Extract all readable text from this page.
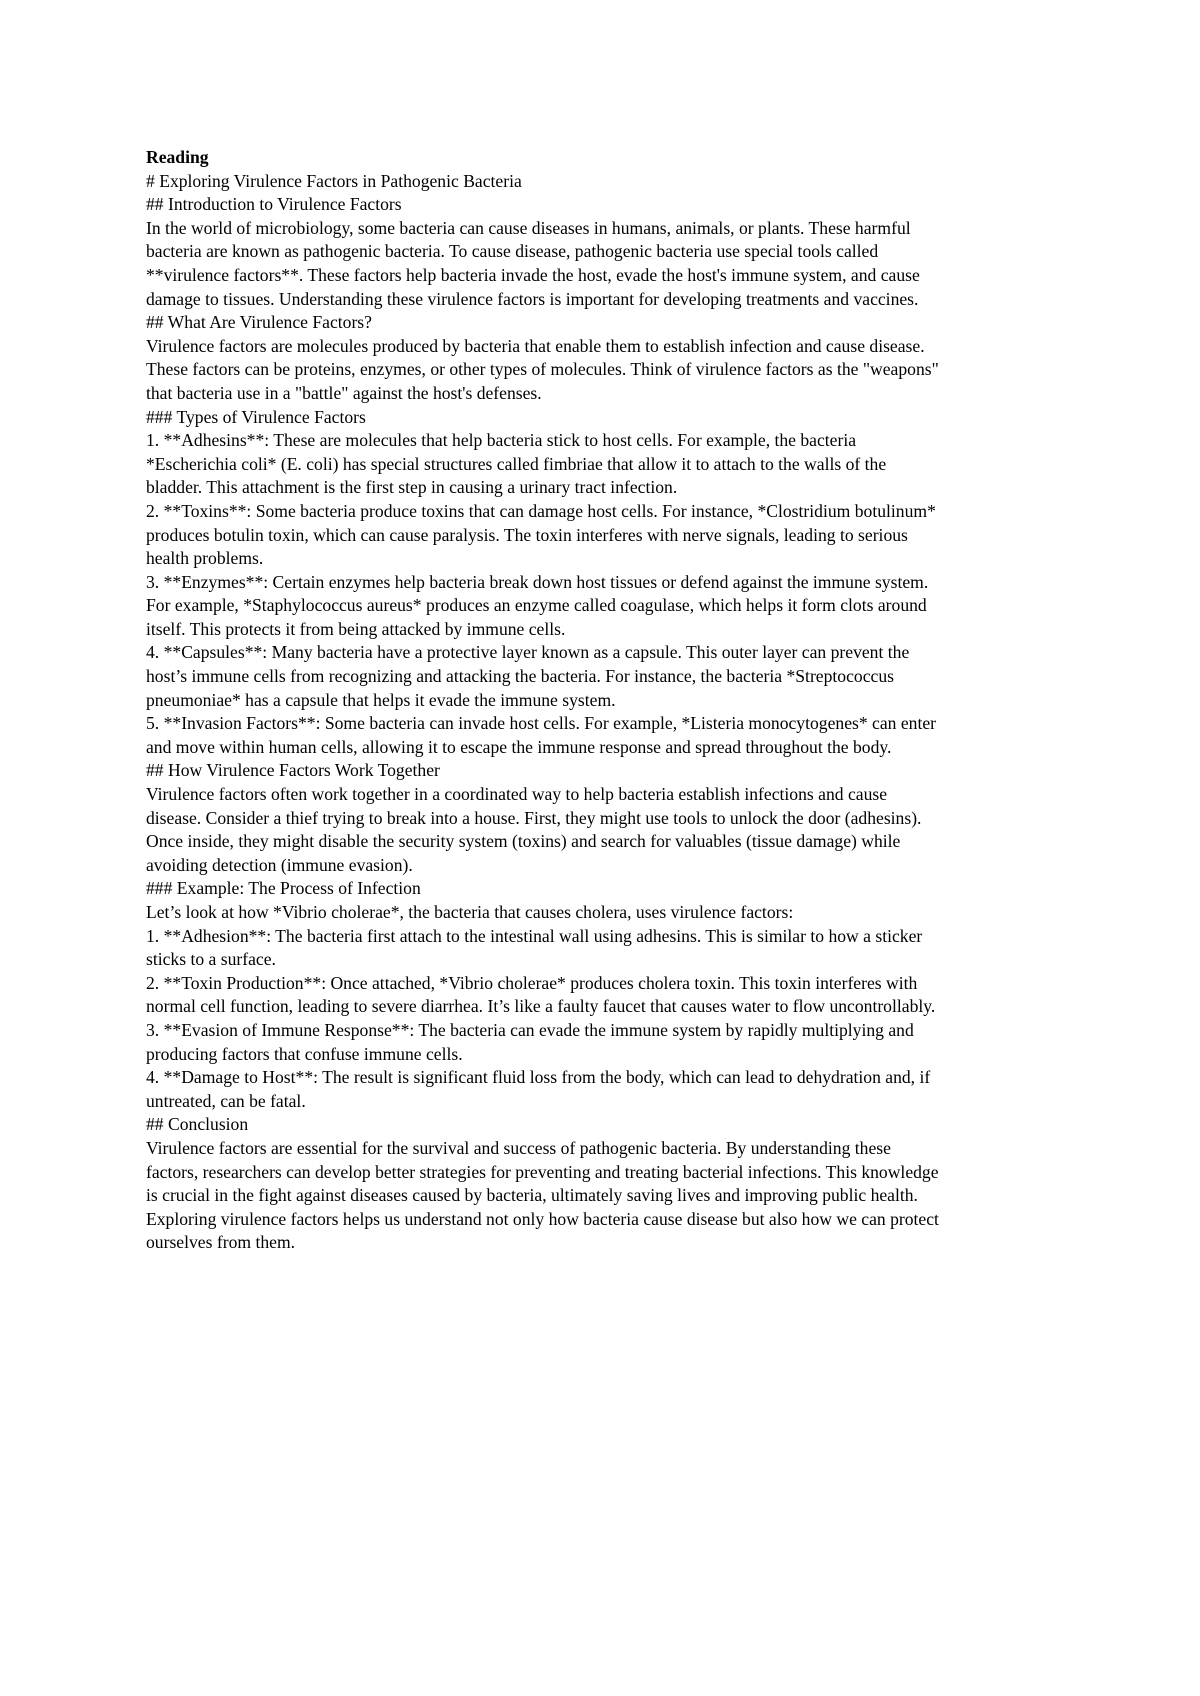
Reading
# Exploring Virulence Factors in Pathogenic Bacteria
## Introduction to Virulence Factors
In the world of microbiology, some bacteria can cause diseases in humans, animals, or plants. These harmful
bacteria are known as pathogenic bacteria. To cause disease, pathogenic bacteria use special tools called
**virulence factors**. These factors help bacteria invade the host, evade the host's immune system, and cause
damage to tissues. Understanding these virulence factors is important for developing treatments and vaccines.
## What Are Virulence Factors?
Virulence factors are molecules produced by bacteria that enable them to establish infection and cause disease.
These factors can be proteins, enzymes, or other types of molecules. Think of virulence factors as the "weapons"
that bacteria use in a "battle" against the host's defenses.
### Types of Virulence Factors
1. **Adhesins**: These are molecules that help bacteria stick to host cells. For example, the bacteria
*Escherichia coli* (E. coli) has special structures called fimbriae that allow it to attach to the walls of the
bladder. This attachment is the first step in causing a urinary tract infection.
2. **Toxins**: Some bacteria produce toxins that can damage host cells. For instance, *Clostridium botulinum*
produces botulin toxin, which can cause paralysis. The toxin interferes with nerve signals, leading to serious
health problems.
3. **Enzymes**: Certain enzymes help bacteria break down host tissues or defend against the immune system.
For example, *Staphylococcus aureus* produces an enzyme called coagulase, which helps it form clots around
itself. This protects it from being attacked by immune cells.
4. **Capsules**: Many bacteria have a protective layer known as a capsule. This outer layer can prevent the
host’s immune cells from recognizing and attacking the bacteria. For instance, the bacteria *Streptococcus
pneumoniae* has a capsule that helps it evade the immune system.
5. **Invasion Factors**: Some bacteria can invade host cells. For example, *Listeria monocytogenes* can enter
and move within human cells, allowing it to escape the immune response and spread throughout the body.
## How Virulence Factors Work Together
Virulence factors often work together in a coordinated way to help bacteria establish infections and cause
disease. Consider a thief trying to break into a house. First, they might use tools to unlock the door (adhesins).
Once inside, they might disable the security system (toxins) and search for valuables (tissue damage) while
avoiding detection (immune evasion).
### Example: The Process of Infection
Let’s look at how *Vibrio cholerae*, the bacteria that causes cholera, uses virulence factors:
1. **Adhesion**: The bacteria first attach to the intestinal wall using adhesins. This is similar to how a sticker
sticks to a surface.
2. **Toxin Production**: Once attached, *Vibrio cholerae* produces cholera toxin. This toxin interferes with
normal cell function, leading to severe diarrhea. It’s like a faulty faucet that causes water to flow uncontrollably.
3. **Evasion of Immune Response**: The bacteria can evade the immune system by rapidly multiplying and
producing factors that confuse immune cells.
4. **Damage to Host**: The result is significant fluid loss from the body, which can lead to dehydration and, if
untreated, can be fatal.
## Conclusion
Virulence factors are essential for the survival and success of pathogenic bacteria. By understanding these
factors, researchers can develop better strategies for preventing and treating bacterial infections. This knowledge
is crucial in the fight against diseases caused by bacteria, ultimately saving lives and improving public health.
Exploring virulence factors helps us understand not only how bacteria cause disease but also how we can protect
ourselves from them.
